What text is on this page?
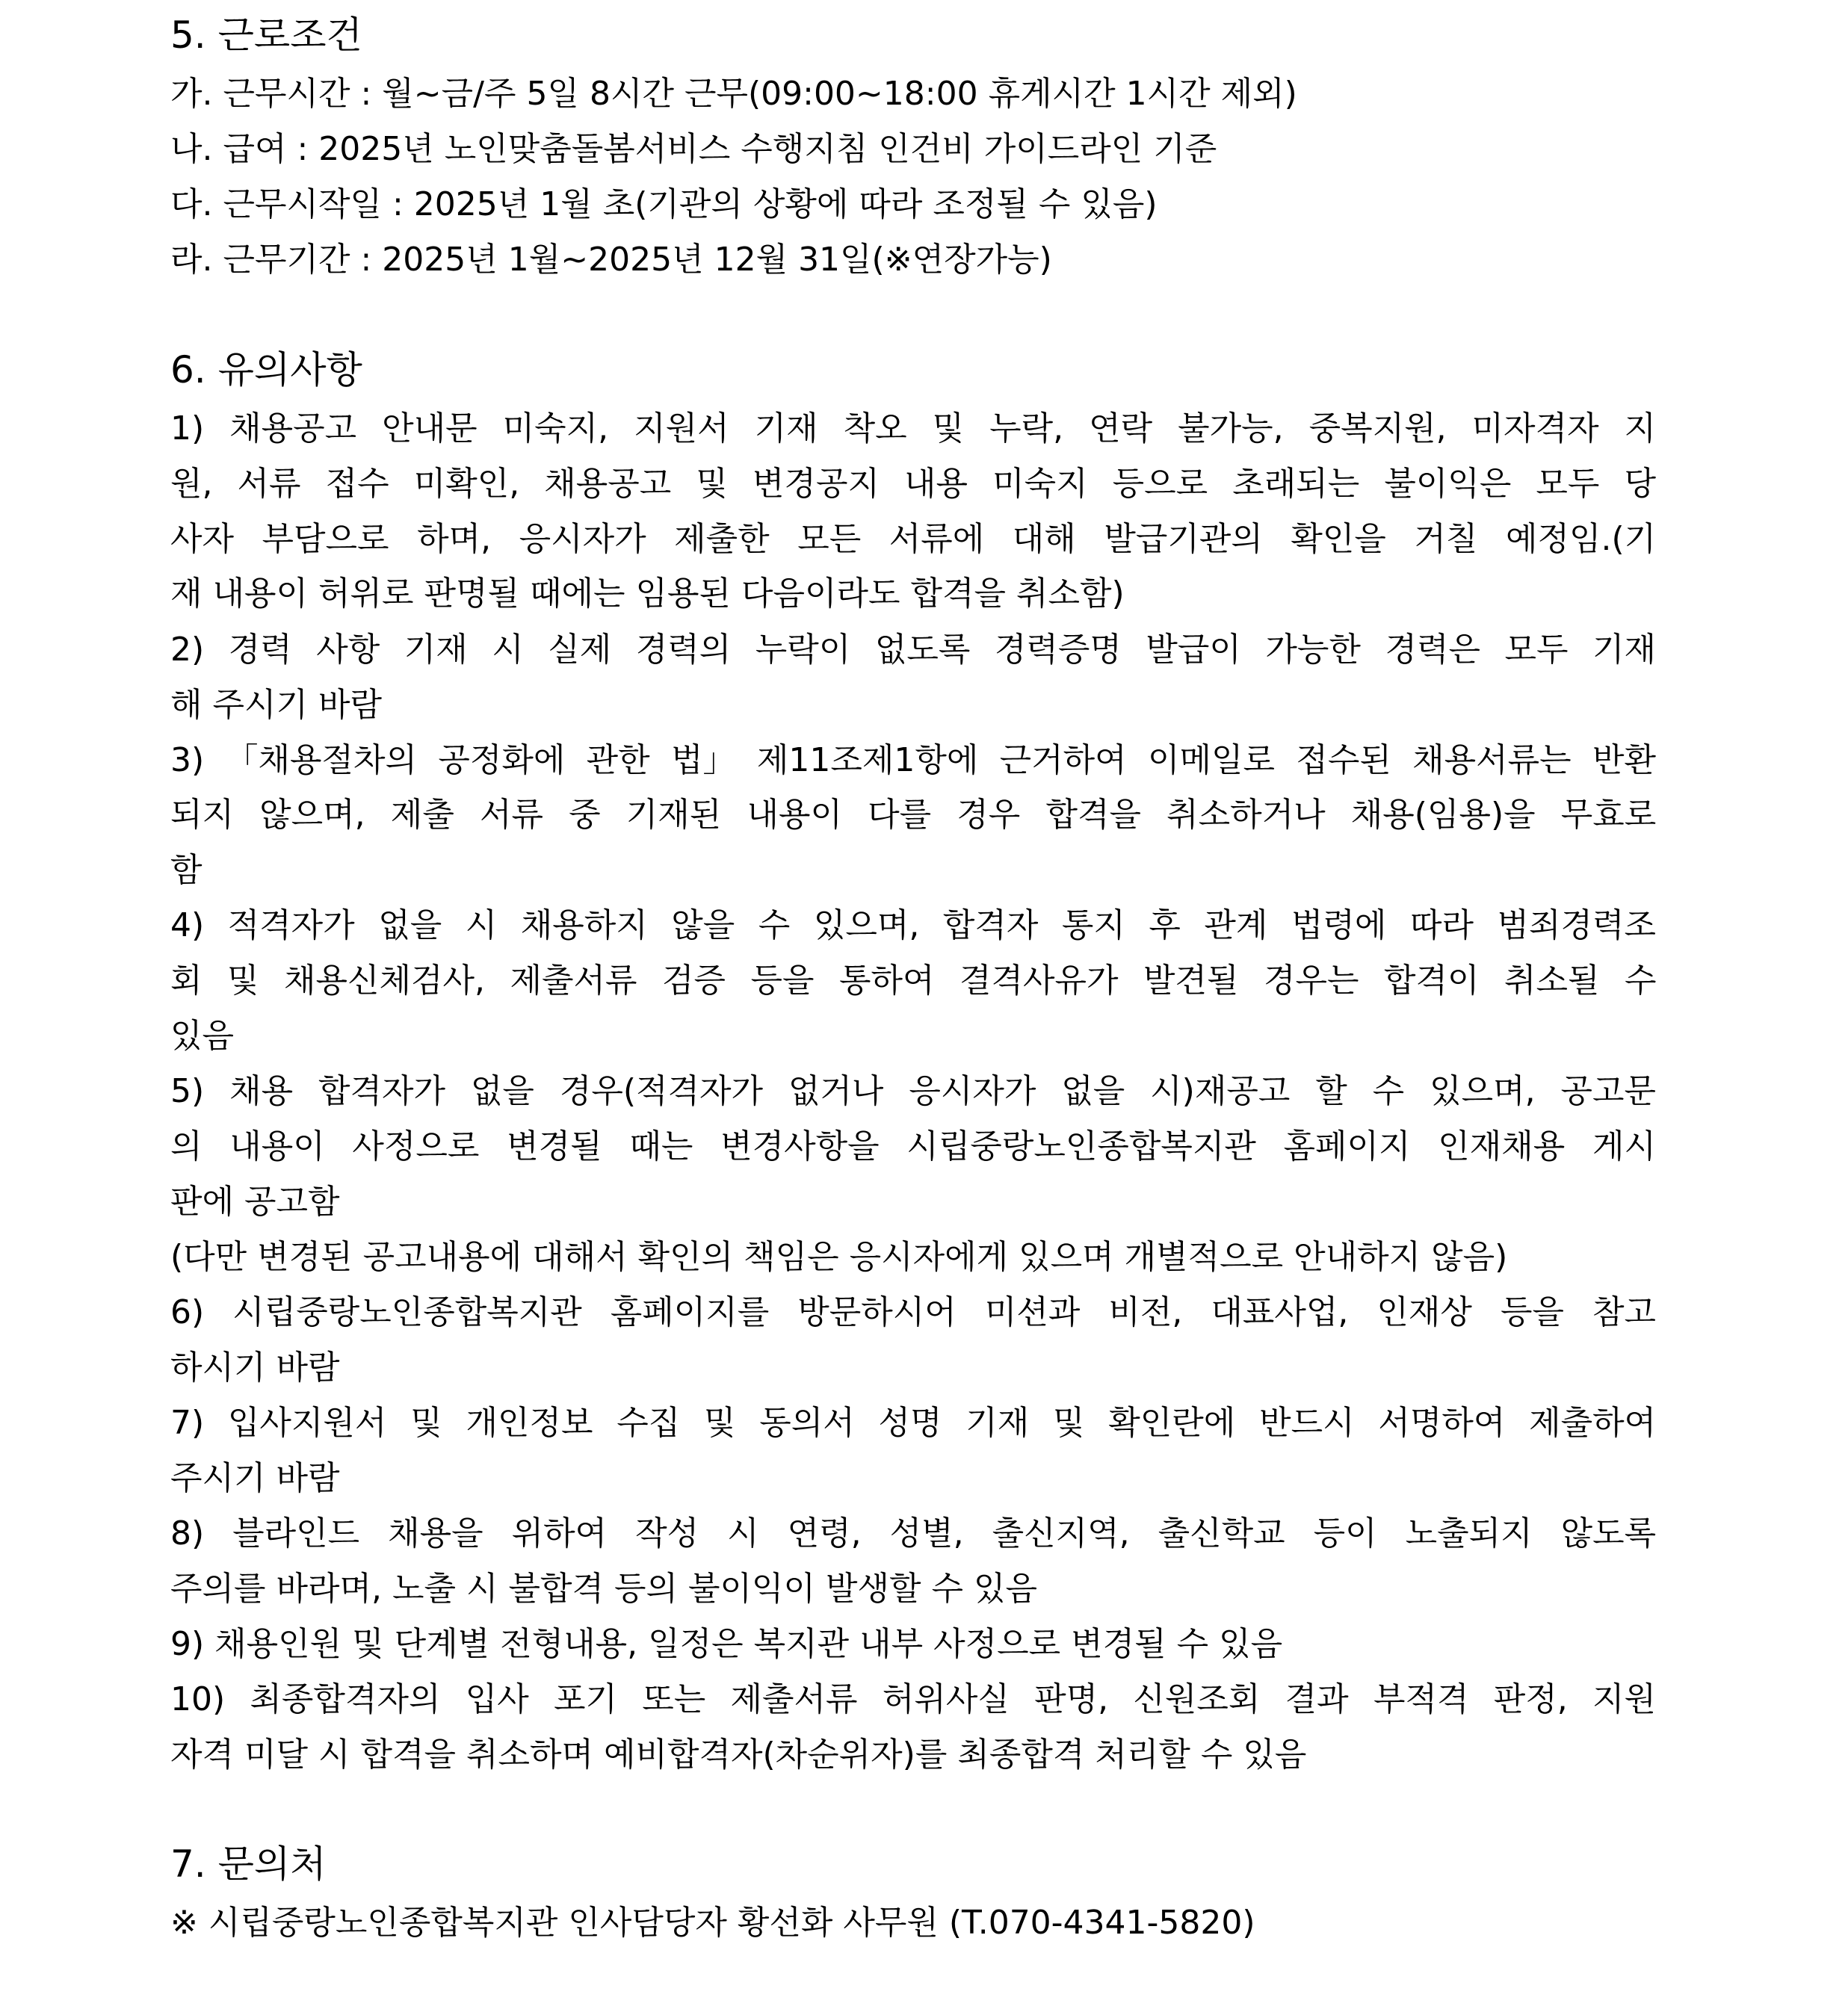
5. 근로조건
가. 근무시간 : 월~금/주 5일 8시간 근무(09:00~18:00 휴게시간 1시간 제외)
나. 급여 : 2025년 노인맞춤돌봄서비스 수행지침 인건비 가이드라인 기준
다. 근무시작일 : 2025년 1월 초(기관의 상황에 따라 조정될 수 있음)
라. 근무기간 : 2025년 1월~2025년 12월 31일(※연장가능)
6. 유의사항
1) 채용공고 안내문 미숙지, 지원서 기재 착오 및 누락, 연락 불가능, 중복지원, 미자격자 지
원, 서류 접수 미확인, 채용공고 및 변경공지 내용 미숙지 등으로 초래되는 불이익은 모두 당
사자 부담으로 하며, 응시자가 제출한 모든 서류에 대해 발급기관의 확인을 거칠 예정임.(기
재 내용이 허위로 판명될 때에는 임용된 다음이라도 합격을 취소함)
2) 경력 사항 기재 시 실제 경력의 누락이 없도록 경력증명 발급이 가능한 경력은 모두 기재
해 주시기 바람
3) 「채용절차의 공정화에 관한 법」 제11조제1항에 근거하여 이메일로 접수된 채용서류는 반환
되지 않으며, 제출 서류 중 기재된 내용이 다를 경우 합격을 취소하거나 채용(임용)을 무효로
함
4) 적격자가 없을 시 채용하지 않을 수 있으며, 합격자 통지 후 관계 법령에 따라 범죄경력조
회 및 채용신체검사, 제출서류 검증 등을 통하여 결격사유가 발견될 경우는 합격이 취소될 수
있음
5) 채용 합격자가 없을 경우(적격자가 없거나 응시자가 없을 시)재공고 할 수 있으며, 공고문
의 내용이 사정으로 변경될 때는 변경사항을 시립중랑노인종합복지관 홈페이지 인재채용 게시
판에 공고함
(다만 변경된 공고내용에 대해서 확인의 책임은 응시자에게 있으며 개별적으로 안내하지 않음)
6) 시립중랑노인종합복지관 홈페이지를 방문하시어 미션과 비전, 대표사업, 인재상 등을 참고
하시기 바람
7) 입사지원서 및 개인정보 수집 및 동의서 성명 기재 및 확인란에 반드시 서명하여 제출하여
주시기 바람
8) 블라인드 채용을 위하여 작성 시 연령, 성별, 출신지역, 출신학교 등이 노출되지 않도록
주의를 바라며, 노출 시 불합격 등의 불이익이 발생할 수 있음
9) 채용인원 및 단계별 전형내용, 일정은 복지관 내부 사정으로 변경될 수 있음
10) 최종합격자의 입사 포기 또는 제출서류 허위사실 판명, 신원조회 결과 부적격 판정, 지원
자격 미달 시 합격을 취소하며 예비합격자(차순위자)를 최종합격 처리할 수 있음
7. 문의처
※ 시립중랑노인종합복지관 인사담당자 황선화 사무원 (T.070-4341-5820)
